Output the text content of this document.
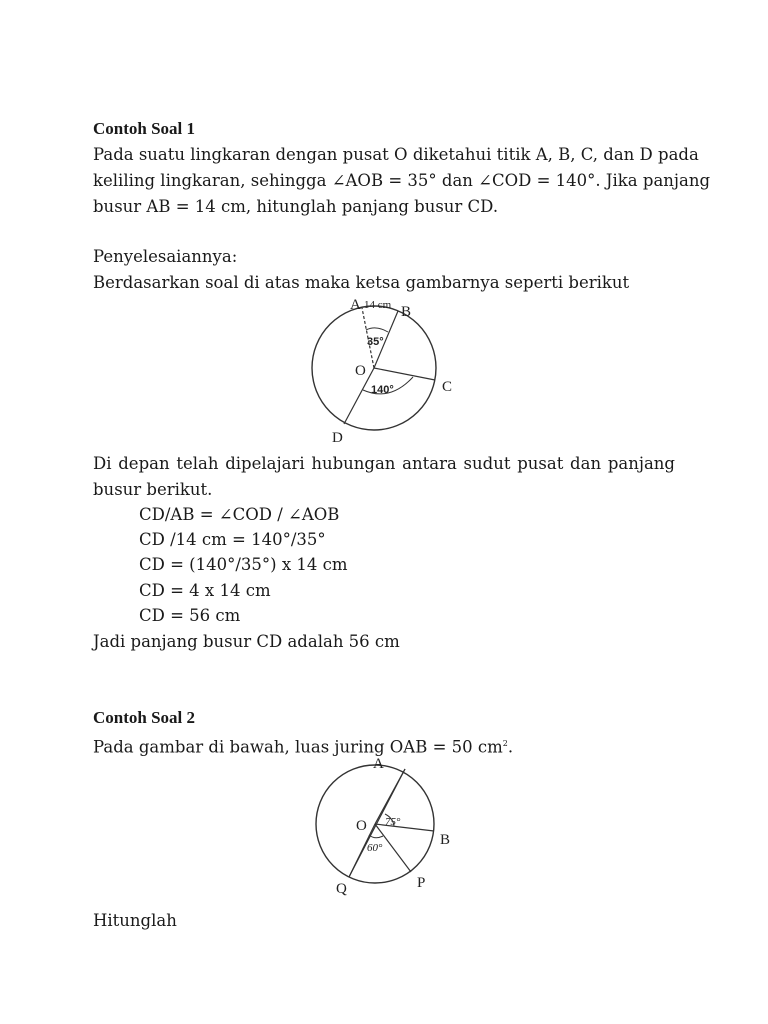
Contoh Soal 1
Pada suatu lingkaran dengan pusat O diketahui titik A, B, C, dan D pada
keliling lingkaran, sehingga ∠AOB = 35° dan ∠COD = 140°. Jika panjang
busur AB = 14 cm, hitunglah panjang busur CD.
Penyelesaiannya:
Berdasarkan soal di atas maka ketsa gambarnya seperti berikut
A 14 cm B
C
D
O
35°
140°
Di depan telah dipelajari hubungan antara sudut pusat dan panjang
busur berikut.
CD/AB = ∠COD / ∠AOB
CD /14 cm = 140°/35°
CD = (140°/35°) x 14 cm
CD = 4 x 14 cm
CD = 56 cm
Jadi panjang busur CD adalah 56 cm
Contoh Soal 2
Pada gambar di bawah, luas juring OAB = 50 $cm^2$.
A
B
O
P
Q
75°
60°
Hitunglah
